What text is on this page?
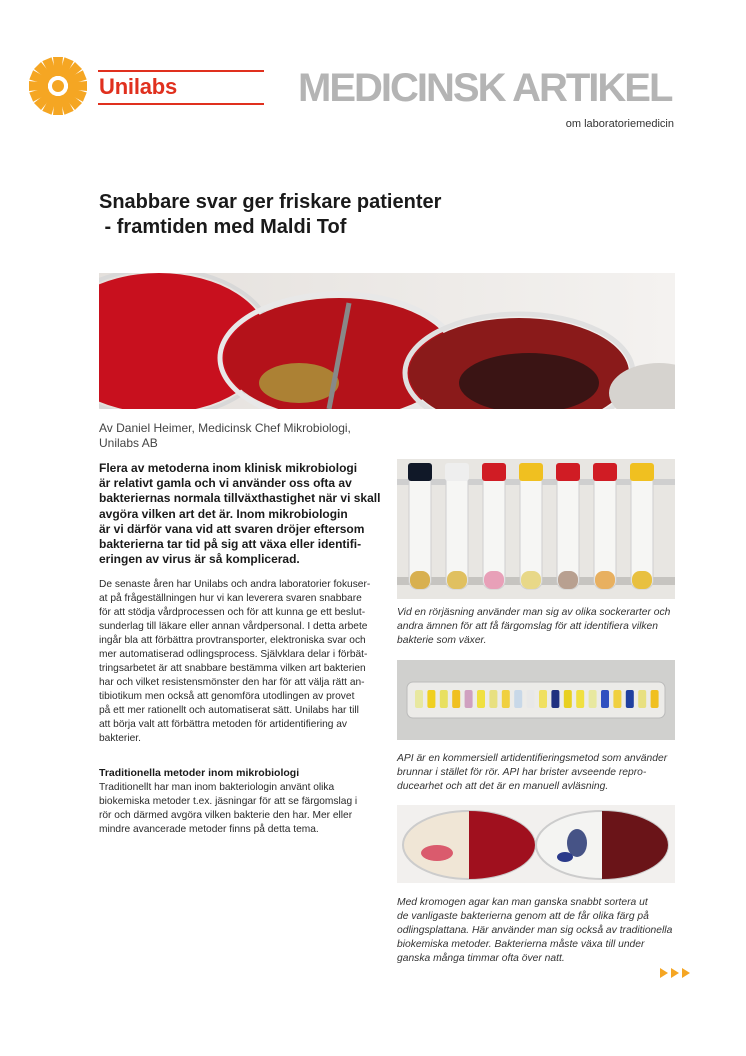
Unilabs	MEDICINSK ARTIKEL
om laboratoriemedicin
Snabbare svar ger friskare patienter
- framtiden med Maldi Tof
Av Daniel Heimer, Medicinsk Chef Mikrobiologi,
Unilabs AB
Flera av metoderna inom klinisk mikrobiologi
är relativt gamla och vi använder oss ofta av
bakteriernas normala tillväxthastighet när vi skall
avgöra vilken art det är. Inom mikrobiologin
är vi därför vana vid att svaren dröjer eftersom
bakterierna tar tid på sig att växa eller identifi-
eringen av virus är så komplicerad.
De senaste åren har Unilabs och andra laboratorier fokuser-
at på frågeställningen hur vi kan leverera svaren snabbare
för att stödja vårdprocessen och för att kunna ge ett beslut-
sunderlag till läkare eller annan vårdpersonal. I detta arbete
ingår bla att förbättra provtransporter, elektroniska svar och
mer automatiserad odlingsprocess. Självklara delar i förbät-
tringsarbetet är att snabbare bestämma vilken art bakterien
har och vilket resistensmönster den har för att välja rätt an-
tibiotikum men också att genomföra utodlingen av provet
på ett mer rationellt och automatiserat sätt. Unilabs har till
att börja valt att förbättra metoden för artidentifiering av
bakterier.
Traditionella metoder inom mikrobiologi
Traditionellt har man inom bakteriologin använt olika
biokemiska metoder t.ex. jäsningar för att se färgomslag i
rör och därmed avgöra vilken bakterie den har. Mer eller
mindre avancerade metoder finns på detta tema.
Vid en rörjäsning använder man sig av olika sockerarter och
andra ämnen för att få färgomslag för att identifiera vilken
bakterie som växer.
API är en kommersiell artidentifieringsmetod som använder
brunnar i stället för rör. API har brister avseende repro-
ducearhet och att det är en manuell avläsning.
Med kromogen agar kan man ganska snabbt sortera ut
de vanligaste bakterierna genom att de får olika färg på
odlingsplattana. Här använder man sig också av traditionella
biokemiska metoder. Bakterierna måste växa till under
ganska många timmar ofta över natt.
